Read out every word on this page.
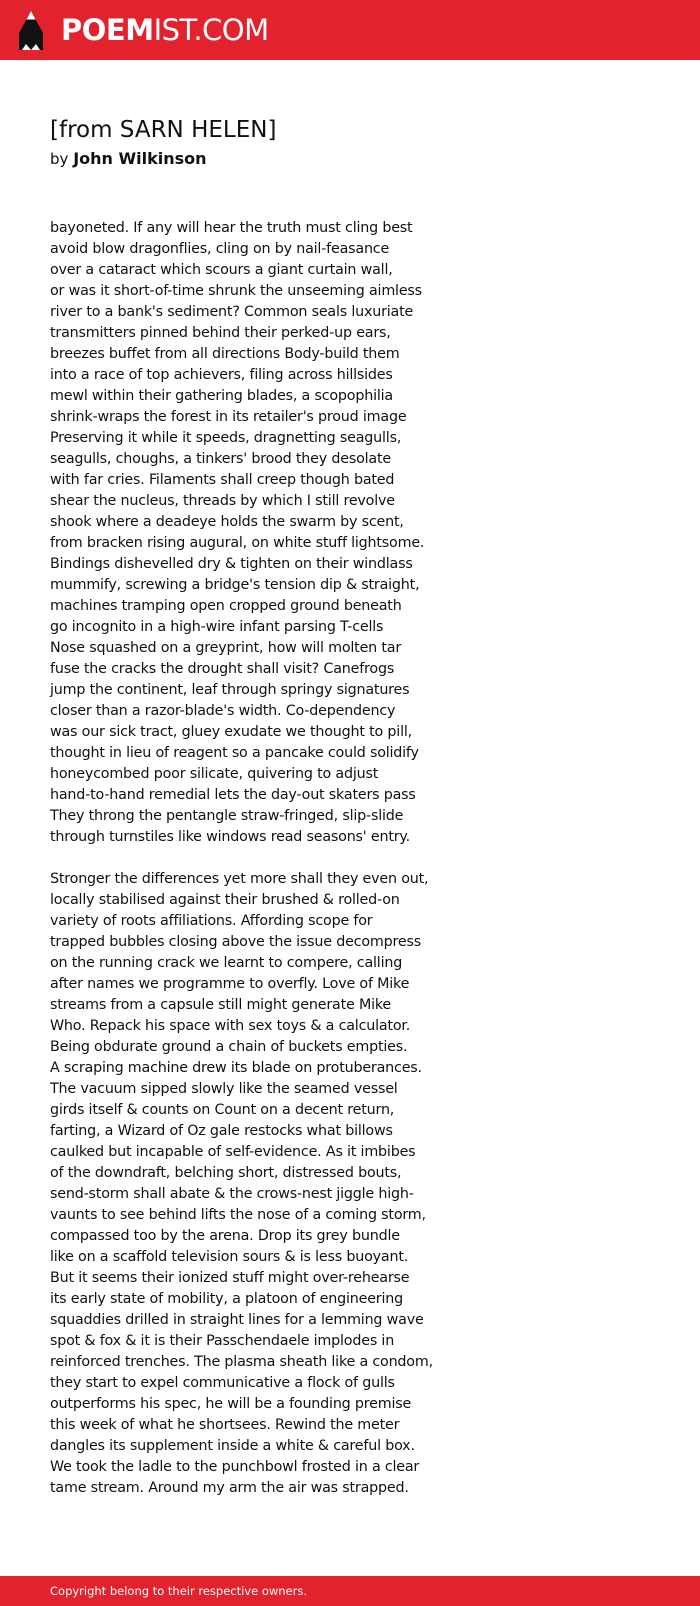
POEMIST.COM
[from SARN HELEN]
by John Wilkinson
bayoneted. If any will hear the truth must cling best
avoid blow dragonflies, cling on by nail-feasance
over a cataract which scours a giant curtain wall,
or was it short-of-time shrunk the unseeming aimless
river to a bank's sediment? Common seals luxuriate
transmitters pinned behind their perked-up ears,
breezes buffet from all directions Body-build them
into a race of top achievers, filing across hillsides
mewl within their gathering blades, a scopophilia
shrink-wraps the forest in its retailer's proud image
Preserving it while it speeds, dragnetting seagulls,
seagulls, choughs, a tinkers' brood they desolate
with far cries. Filaments shall creep though bated
shear the nucleus, threads by which I still revolve
shook where a deadeye holds the swarm by scent,
from bracken rising augural, on white stuff lightsome.
Bindings dishevelled dry & tighten on their windlass
mummify, screwing a bridge's tension dip & straight,
machines tramping open cropped ground beneath
go incognito in a high-wire infant parsing T-cells
Nose squashed on a greyprint, how will molten tar
fuse the cracks the drought shall visit? Canefrogs
jump the continent, leaf through springy signatures
closer than a razor-blade's width. Co-dependency
was our sick tract, gluey exudate we thought to pill,
thought in lieu of reagent so a pancake could solidify
honeycombed poor silicate, quivering to adjust
hand-to-hand remedial lets the day-out skaters pass
They throng the pentangle straw-fringed, slip-slide
through turnstiles like windows read seasons' entry.
Stronger the differences yet more shall they even out,
locally stabilised against their brushed & rolled-on
variety of roots affiliations. Affording scope for
trapped bubbles closing above the issue decompress
on the running crack we learnt to compere, calling
after names we programme to overfly. Love of Mike
streams from a capsule still might generate Mike
Who. Repack his space with sex toys & a calculator.
Being obdurate ground a chain of buckets empties.
A scraping machine drew its blade on protuberances.
The vacuum sipped slowly like the seamed vessel
girds itself & counts on Count on a decent return,
farting, a Wizard of Oz gale restocks what billows
caulked but incapable of self-evidence. As it imbibes
of the downdraft, belching short, distressed bouts,
send-storm shall abate & the crows-nest jiggle high-
vaunts to see behind lifts the nose of a coming storm,
compassed too by the arena. Drop its grey bundle
like on a scaffold television sours & is less buoyant.
But it seems their ionized stuff might over-rehearse
its early state of mobility, a platoon of engineering
squaddies drilled in straight lines for a lemming wave
spot & fox & it is their Passchendaele implodes in
reinforced trenches. The plasma sheath like a condom,
they start to expel communicative a flock of gulls
outperforms his spec, he will be a founding premise
this week of what he shortsees. Rewind the meter
dangles its supplement inside a white & careful box.
We took the ladle to the punchbowl frosted in a clear
tame stream. Around my arm the air was strapped.
Copyright belong to their respective owners.
